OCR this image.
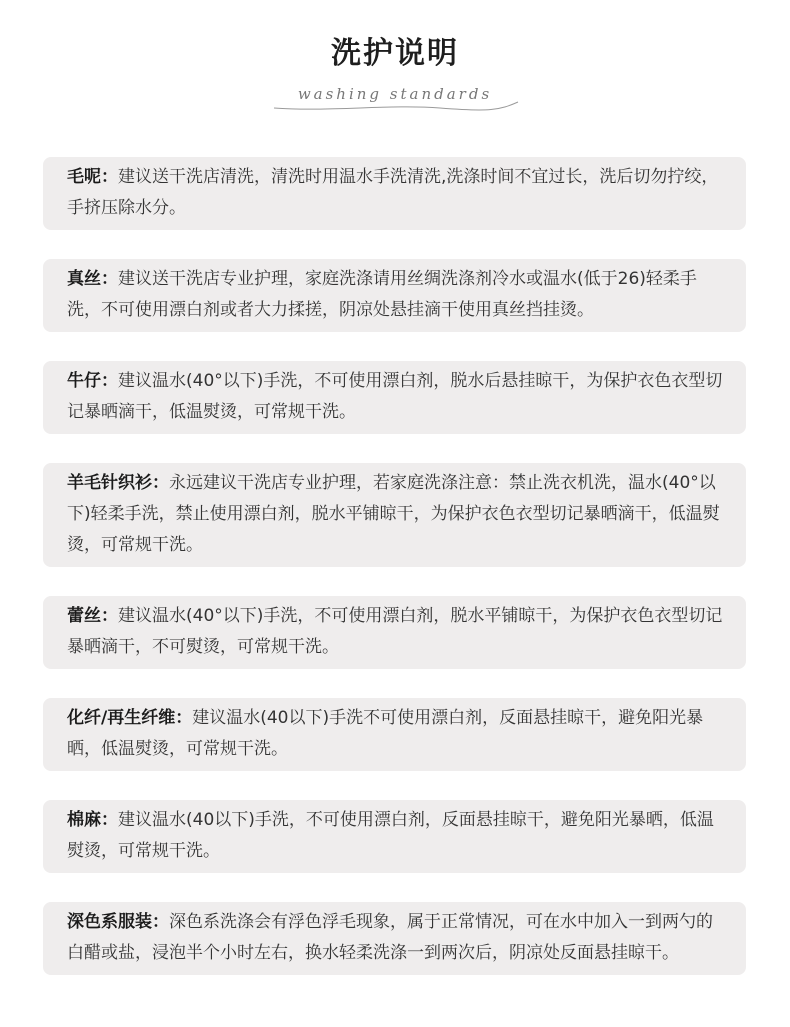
洗护说明
washing standards
毛呢：建议送干洗店清洗，清洗时用温水手洗清洗,洗涤时间不宜过长，洗后切勿拧绞，手挤压除水分。
真丝：建议送干洗店专业护理，家庭洗涤请用丝绸洗涤剂冷水或温水(低于26)轻柔手洗，不可使用漂白剂或者大力揉搓，阴凉处悬挂滴干使用真丝挡挂烫。
牛仔：建议温水(40°以下)手洗，不可使用漂白剂，脱水后悬挂晾干，为保护衣色衣型切记暴晒滴干，低温熨烫，可常规干洗。
羊毛针织衫：永远建议干洗店专业护理，若家庭洗涤注意：禁止洗衣机洗，温水(40°以下)轻柔手洗，禁止使用漂白剂，脱水平铺晾干，为保护衣色衣型切记暴晒滴干，低温熨烫，可常规干洗。
蕾丝：建议温水(40°以下)手洗，不可使用漂白剂，脱水平铺晾干，为保护衣色衣型切记暴晒滴干，不可熨烫，可常规干洗。
化纤/再生纤维：建议温水(40以下)手洗不可使用漂白剂，反面悬挂晾干，避免阳光暴晒，低温熨烫，可常规干洗。
棉麻：建议温水(40以下)手洗，不可使用漂白剂，反面悬挂晾干，避免阳光暴晒，低温熨烫，可常规干洗。
深色系服装：深色系洗涤会有浮色浮毛现象，属于正常情况，可在水中加入一到两勺的白醋或盐，浸泡半个小时左右，换水轻柔洗涤一到两次后，阴凉处反面悬挂晾干。
